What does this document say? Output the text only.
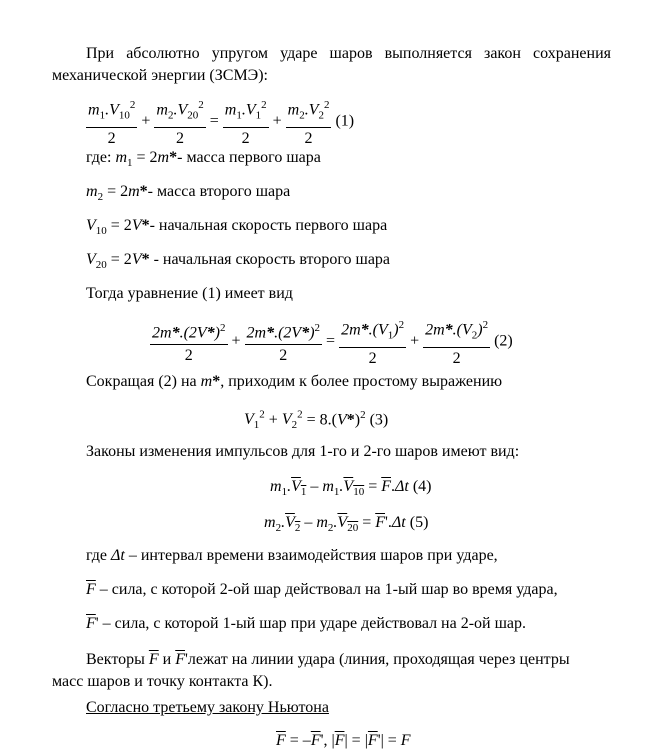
При абсолютно упругом ударе шаров выполняется закон сохранения
механической энергии (ЗСМЭ):
$\frac{m_1.V_{10}^2}{2} + \frac{m_2.V_{20}^2}{2} = \frac{m_1.V_1^2}{2} + \frac{m_2.V_2^2}{2} (1)$
где: $m_1 = 2m*-$ масса первого шара
$m_2 = 2m*-$ масса второго шара
$V_{10} = 2V*-$ начальная скорость первого шара
$V_{20} = 2V*$ - начальная скорость второго шара
Тогда уравнение (1) имеет вид
$\frac{2m*.(2V*)^2}{2} + \frac{2m*.(2V*)^2}{2} = \frac{2m*.(V_1)^2}{2} + \frac{2m*.(V_2)^2}{2} (2)$
Сокращая (2) на m*, приходим к более простому выражению
$V_1^2 + V_2^2 = 8.(V*)^2$ (3)
Законы изменения импульсов для 1-го и 2-го шаров имеют вид:
$m_1.V_1 - m_1.V_{10} = \overline{F}.\Delta t$ (4)
$m_2.V_2 - m_2.V_{20} = \overline{F}'.\Delta t$ (5)
где Δt – интервал времени взаимодействия шаров при ударе,
$\overline{F}$ – сила, с которой 2-ой шар действовал на 1-ый шар во время удара,
$\overline{F}'$ – сила, с которой 1-ый шар при ударе действовал на 2-ой шар.
Векторы $\overline{F}$ и $\overline{F}'лежат$ на линии удара (линия, проходящая через центры
масс шаров и точку контакта К).
Согласно третьему закону Ньютона
$\overline{F} = -\overline{F}'$, $|\overline{F}| = |\overline{F}'| = F$
